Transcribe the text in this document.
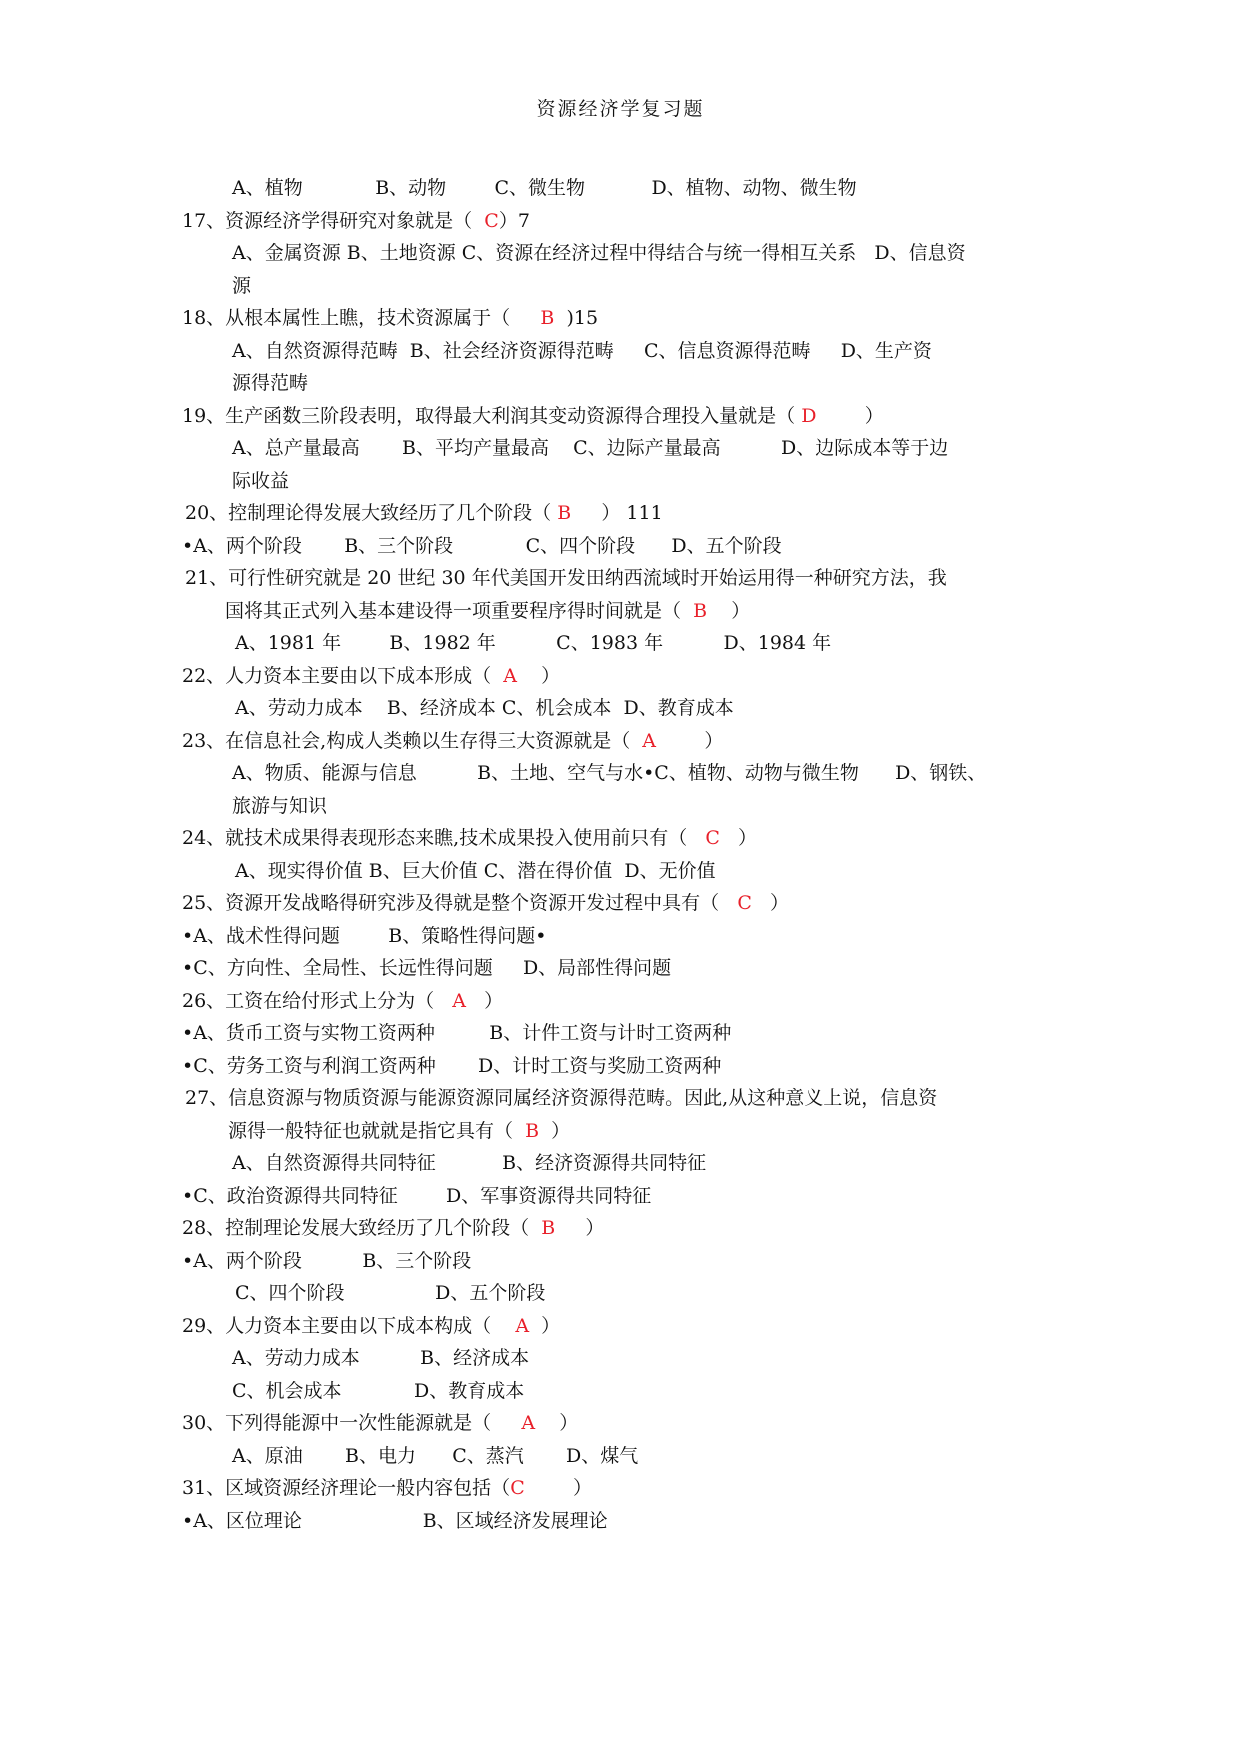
资源经济学复习题
A、植物            B、动物        C、微生物           D、植物、动物、微生物
17、资源经济学得研究对象就是（  C）7
A、金属资源 B、土地资源 C、资源在经济过程中得结合与统一得相互关系   D、信息资
源
18、从根本属性上瞧，技术资源属于（     B  )15
A、自然资源得范畴  B、社会经济资源得范畴     C、信息资源得范畴     D、生产资
源得范畴
19、生产函数三阶段表明，取得最大利润其变动资源得合理投入量就是（ D        ）
A、总产量最高       B、平均产量最高    C、边际产量最高          D、边际成本等于边
际收益
20、控制理论得发展大致经历了几个阶段（ B     ） 111
•A、两个阶段       B、三个阶段            C、四个阶段      D、五个阶段
21、可行性研究就是 20 世纪 30 年代美国开发田纳西流域时开始运用得一种研究方法，我
国将其正式列入基本建设得一项重要程序得时间就是（  B    ）
A、1981 年        B、1982 年          C、1983 年          D、1984 年
22、人力资本主要由以下成本形成（  A    ）
A、劳动力成本    B、经济成本 C、机会成本  D、教育成本
23、在信息社会,构成人类赖以生存得三大资源就是（  A        ）
A、物质、能源与信息          B、土地、空气与水•C、植物、动物与微生物      D、钢铁、
旅游与知识
24、就技术成果得表现形态来瞧,技术成果投入使用前只有（   C   ）
A、现实得价值 B、巨大价值 C、潜在得价值  D、无价值
25、资源开发战略得研究涉及得就是整个资源开发过程中具有（   C   ）
•A、战术性得问题        B、策略性得问题•
•C、方向性、全局性、长远性得问题     D、局部性得问题
26、工资在给付形式上分为（   A   ）
•A、货币工资与实物工资两种         B、计件工资与计时工资两种
•C、劳务工资与利润工资两种       D、计时工资与奖励工资两种
27、信息资源与物质资源与能源资源同属经济资源得范畴。因此,从这种意义上说，信息资
源得一般特征也就就是指它具有（  B  ）
A、自然资源得共同特征           B、经济资源得共同特征
•C、政治资源得共同特征        D、军事资源得共同特征
28、控制理论发展大致经历了几个阶段（  B     ）
•A、两个阶段          B、三个阶段
C、四个阶段               D、五个阶段
29、人力资本主要由以下成本构成（    A  ）
A、劳动力成本          B、经济成本
C、机会成本            D、教育成本
30、下列得能源中一次性能源就是（     A    ）
A、原油       B、电力      C、蒸汽       D、煤气
31、区域资源经济理论一般内容包括（C        ）
•A、区位理论                    B、区域经济发展理论
